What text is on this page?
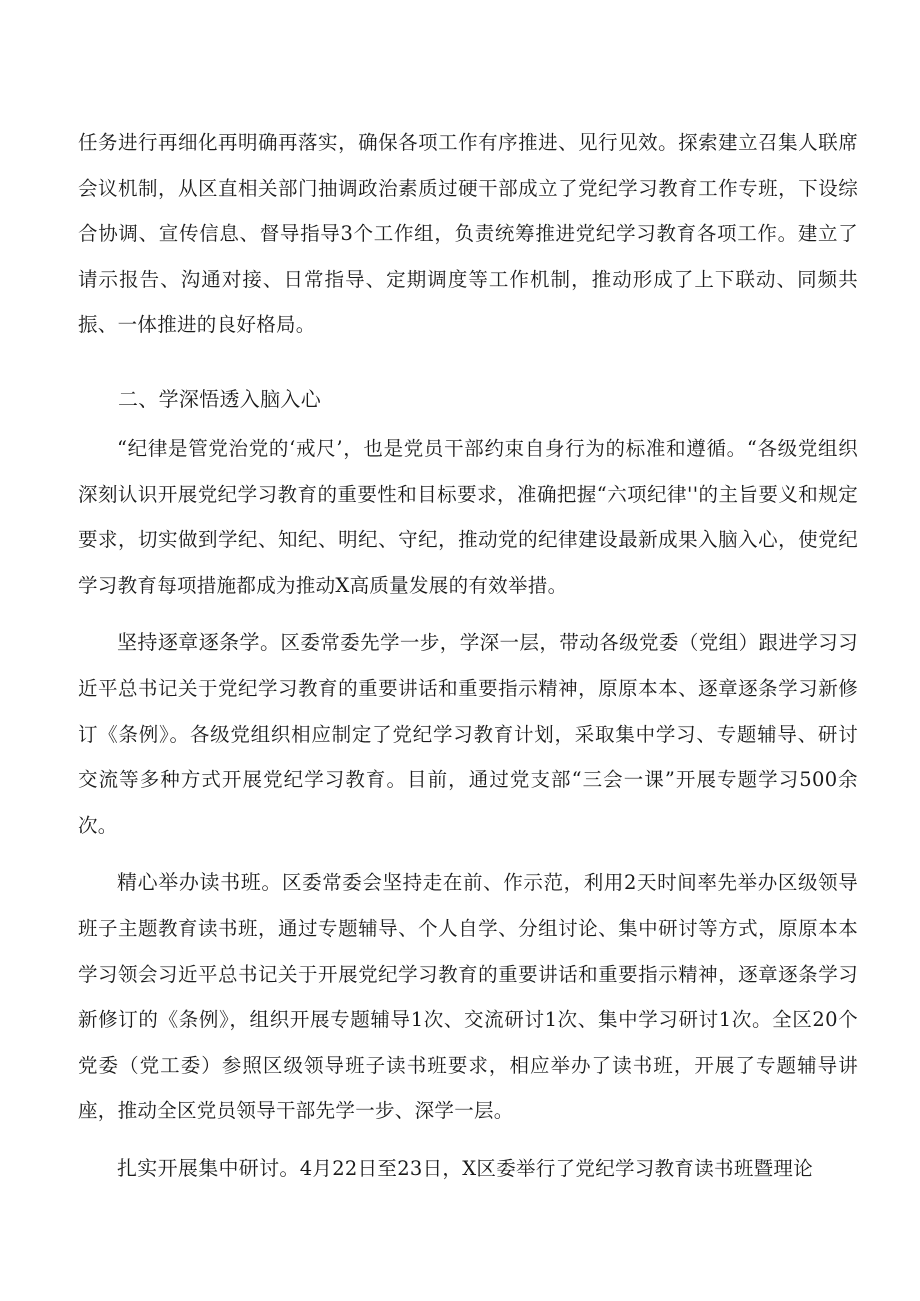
任务进行再细化再明确再落实，确保各项工作有序推进、见行见效。探索建立召集人联席会议机制，从区直相关部门抽调政治素质过硬干部成立了党纪学习教育工作专班，下设综合协调、宣传信息、督导指导3个工作组，负责统筹推进党纪学习教育各项工作。建立了请示报告、沟通对接、日常指导、定期调度等工作机制，推动形成了上下联动、同频共振、一体推进的良好格局。

二、学深悟透入脑入心

“纪律是管党治党的‘戒尺’，也是党员干部约束自身行为的标准和遵循。“各级党组织深刻认识开展党纪学习教育的重要性和目标要求，准确把握“六项纪律''的主旨要义和规定要求，切实做到学纪、知纪、明纪、守纪，推动党的纪律建设最新成果入脑入心，使党纪学习教育每项措施都成为推动X高质量发展的有效举措。

坚持逐章逐条学。区委常委先学一步，学深一层，带动各级党委（党组）跟进学习习近平总书记关于党纪学习教育的重要讲话和重要指示精神，原原本本、逐章逐条学习新修订《条例》。各级党组织相应制定了党纪学习教育计划，采取集中学习、专题辅导、研讨交流等多种方式开展党纪学习教育。目前，通过党支部“三会一课”开展专题学习500余次。

精心举办读书班。区委常委会坚持走在前、作示范，利用2天时间率先举办区级领导班子主题教育读书班，通过专题辅导、个人自学、分组讨论、集中研讨等方式，原原本本学习领会习近平总书记关于开展党纪学习教育的重要讲话和重要指示精神，逐章逐条学习新修订的《条例》，组织开展专题辅导1次、交流研讨1次、集中学习研讨1次。全区20个党委（党工委）参照区级领导班子读书班要求，相应举办了读书班，开展了专题辅导讲座，推动全区党员领导干部先学一步、深学一层。

扎实开展集中研讨。4月22日至23日，X区委举行了党纪学习教育读书班暨理论
